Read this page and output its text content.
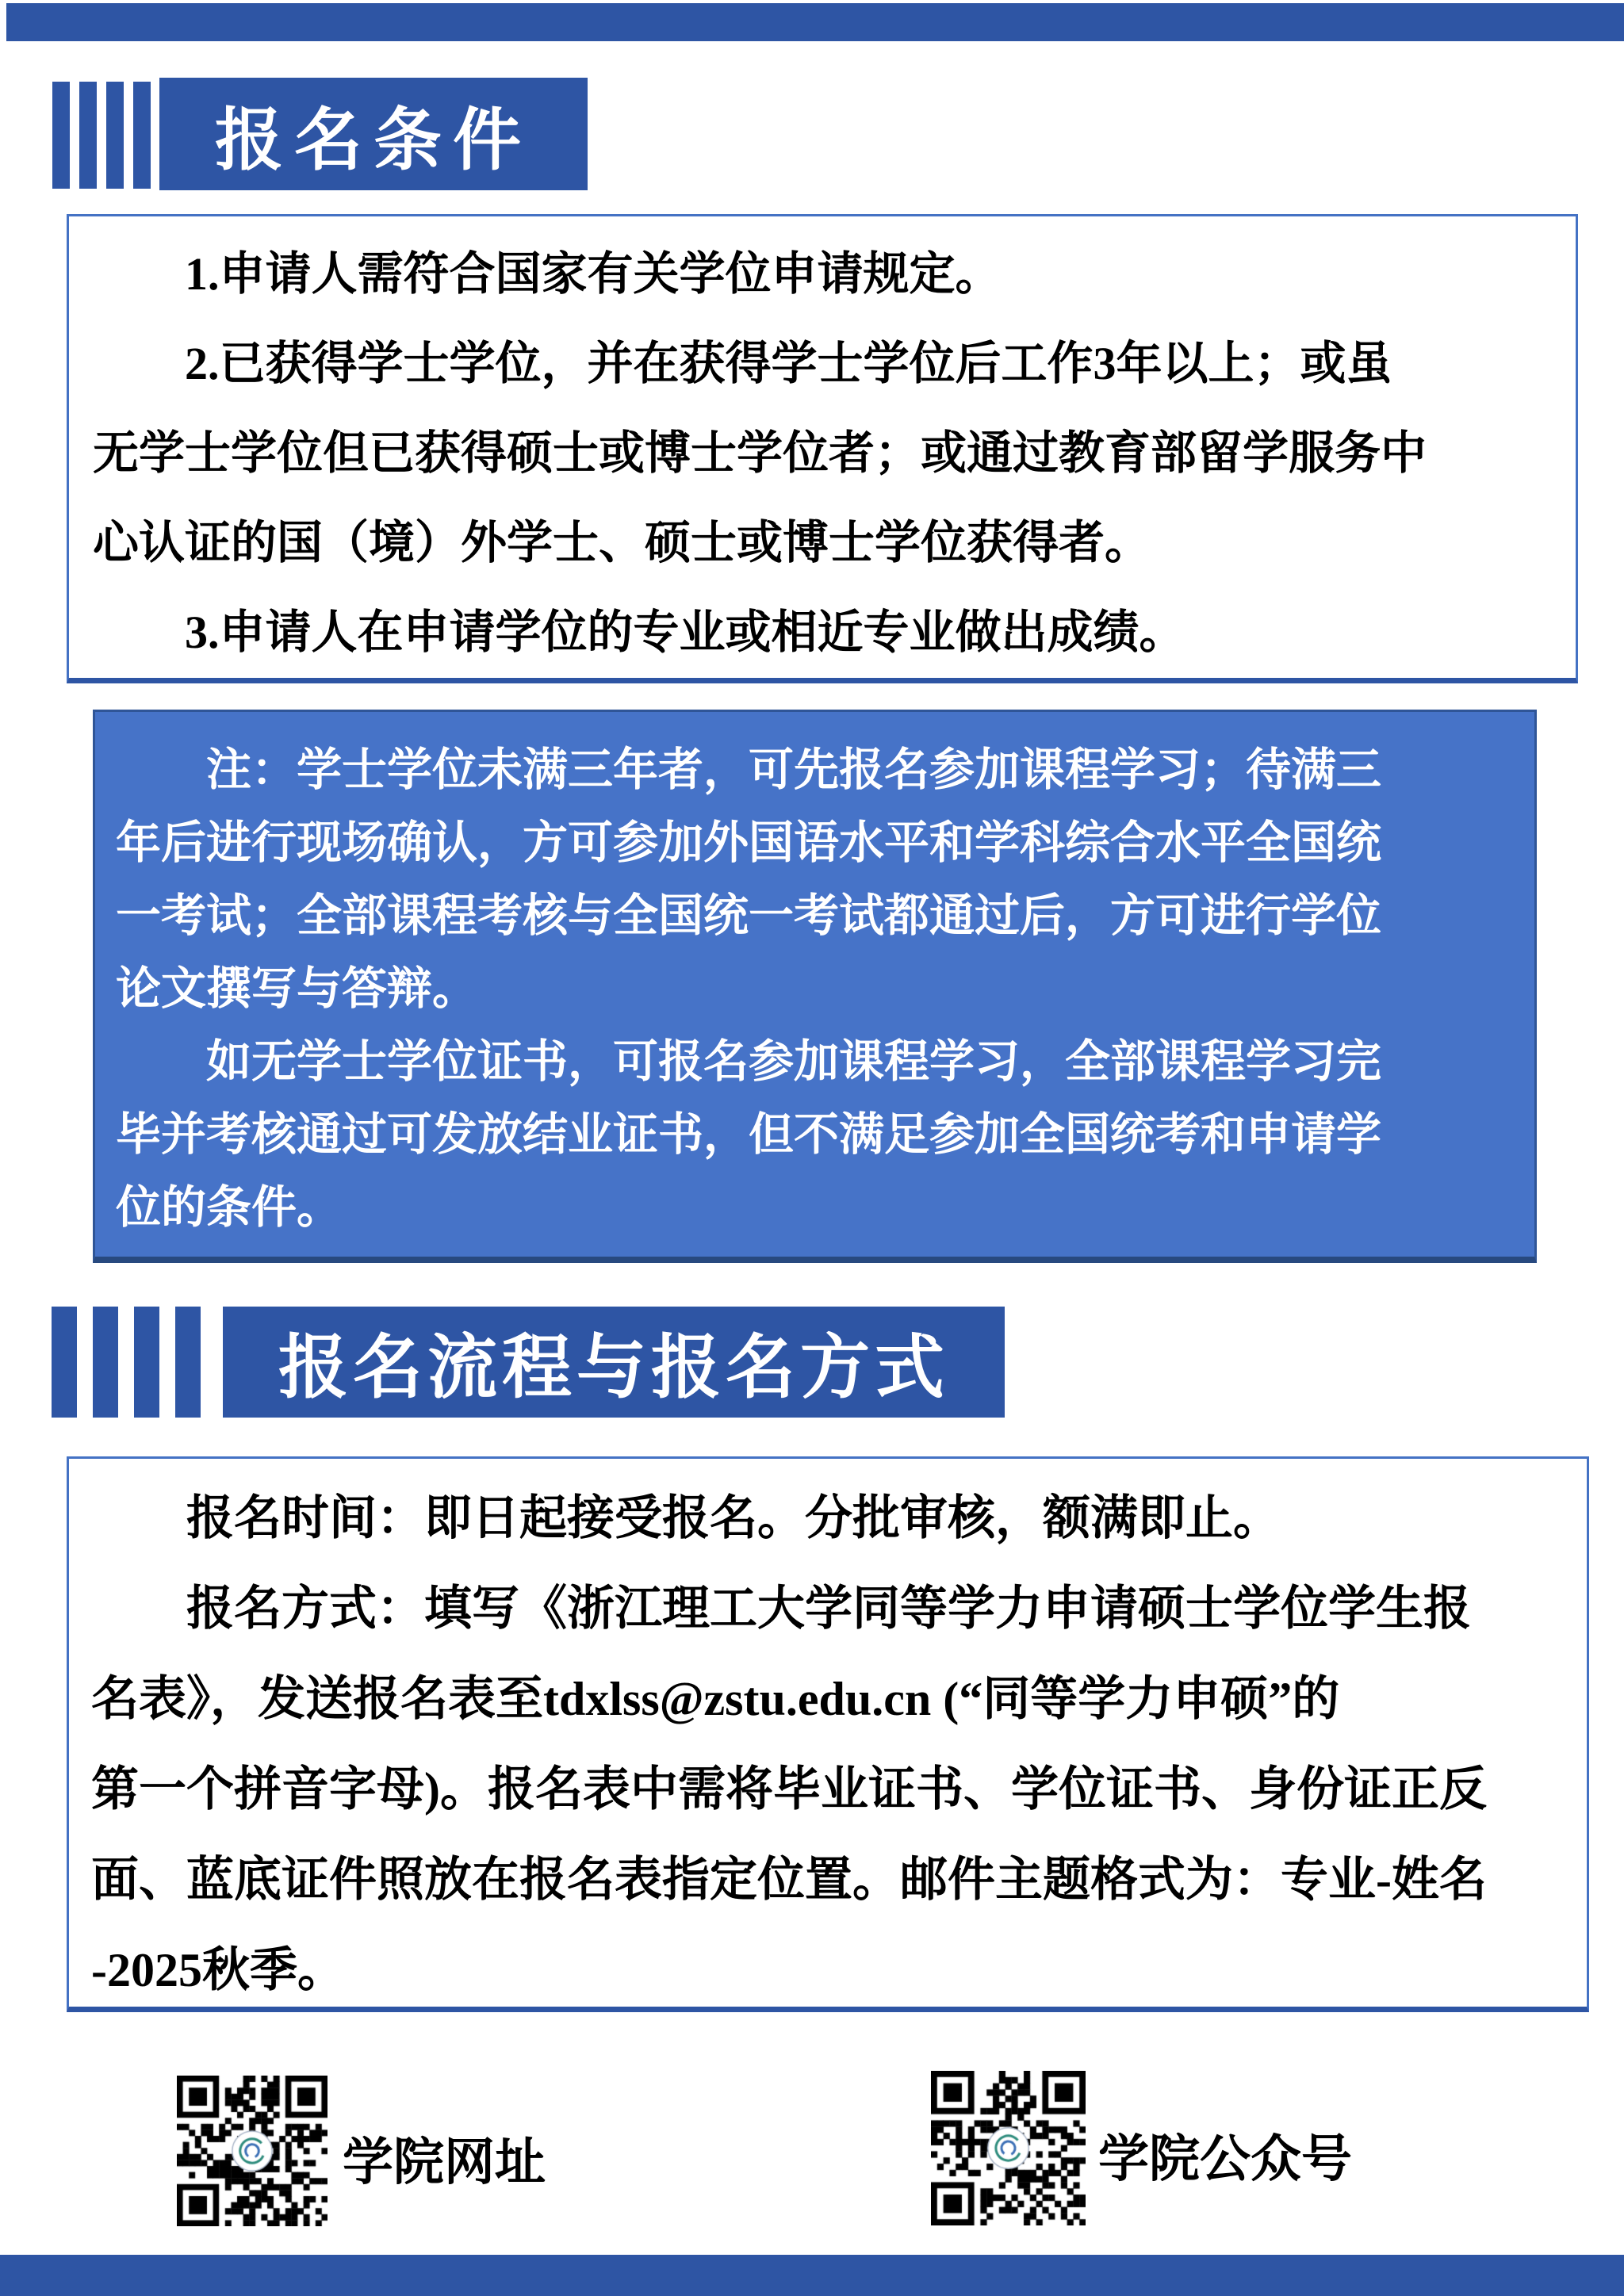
报名条件
1.申请人需符合国家有关学位申请规定。
2.已获得学士学位，并在获得学士学位后工作3年以上；或虽
无学士学位但已获得硕士或博士学位者；或通过教育部留学服务中
心认证的国（境）外学士、硕士或博士学位获得者。
3.申请人在申请学位的专业或相近专业做出成绩。
注：学士学位未满三年者，可先报名参加课程学习；待满三
年后进行现场确认，方可参加外国语水平和学科综合水平全国统
一考试；全部课程考核与全国统一考试都通过后，方可进行学位
论文撰写与答辩。
如无学士学位证书，可报名参加课程学习，全部课程学习完
毕并考核通过可发放结业证书，但不满足参加全国统考和申请学
位的条件。
报名流程与报名方式
报名时间：即日起接受报名。分批审核，额满即止。
报名方式：填写《浙江理工大学同等学力申请硕士学位学生报
名表》，发送报名表至tdxlss@zstu.edu.cn (“同等学力申硕”的
第一个拼音字母)。报名表中需将毕业证书、学位证书、身份证正反
面、蓝底证件照放在报名表指定位置。邮件主题格式为：专业-姓名
-2025秋季。
学院网址	学院公众号
